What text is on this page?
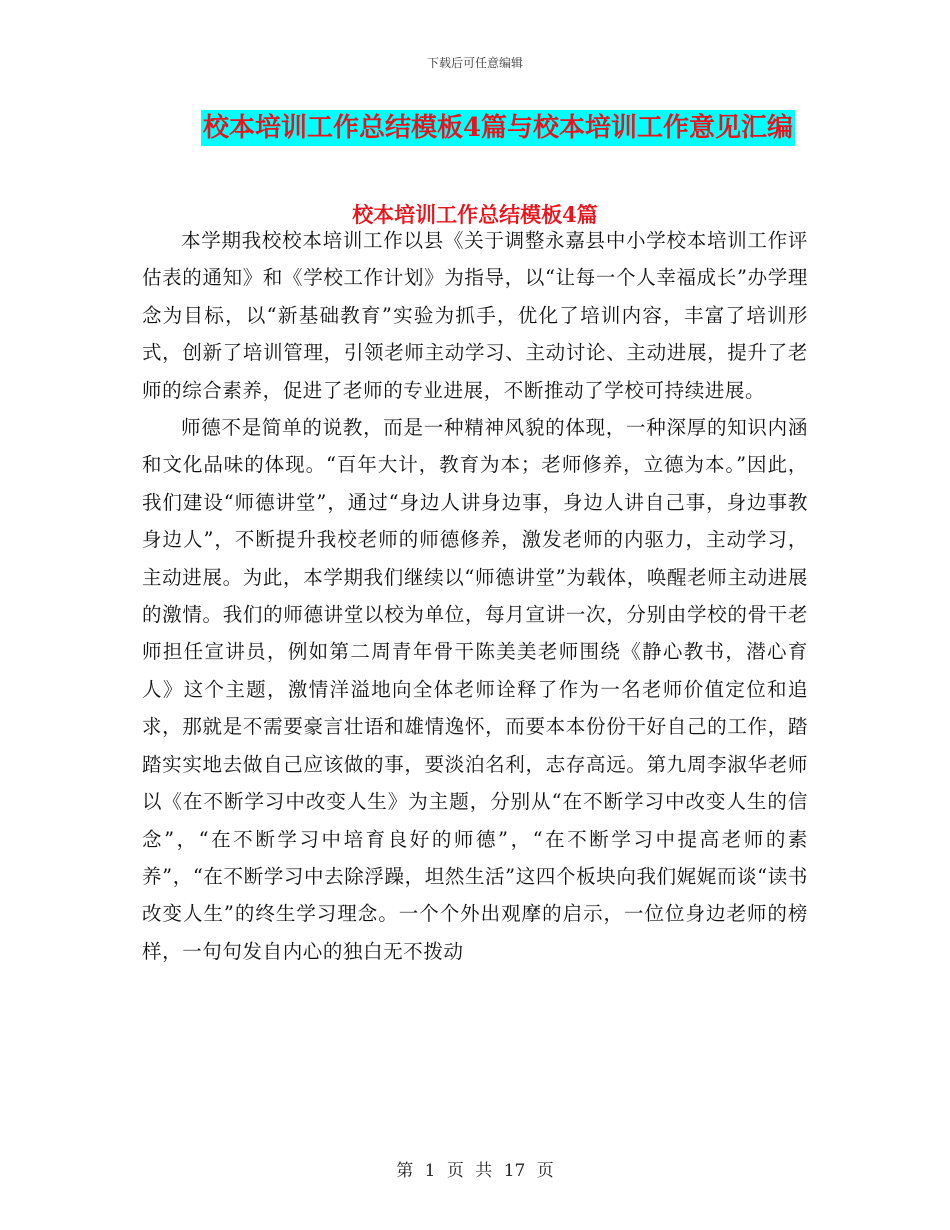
下载后可任意编辑
校本培训工作总结模板4篇与校本培训工作意见汇编
校本培训工作总结模板4篇

本学期我校校本培训工作以县《关于调整永嘉县中小学校本培训工作评估表的通知》和《学校工作计划》为指导，以“让每一个人幸福成长”办学理念为目标，以“新基础教育”实验为抓手，优化了培训内容，丰富了培训形式，创新了培训管理，引领老师主动学习、主动讨论、主动进展，提升了老师的综合素养，促进了老师的专业进展，不断推动了学校可持续进展。

师德不是简单的说教，而是一种精神风貌的体现，一种深厚的知识内涵和文化品味的体现。“百年大计，教育为本；老师修养，立德为本。”因此，我们建设“师德讲堂”，通过“身边人讲身边事，身边人讲自己事，身边事教身边人”，不断提升我校老师的师德修养，激发老师的内驱力，主动学习，主动进展。为此，本学期我们继续以“师德讲堂”为载体，唤醒老师主动进展的激情。我们的师德讲堂以校为单位，每月宣讲一次，分别由学校的骨干老师担任宣讲员，例如第二周青年骨干陈美美老师围绕《静心教书，潜心育人》这个主题，激情洋溢地向全体老师诠释了作为一名老师价值定位和追求，那就是不需要豪言壮语和雄情逸怀，而要本本份份干好自己的工作，踏踏实实地去做自己应该做的事，要淡泊名利，志存高远。第九周李淑华老师以《在不断学习中改变人生》为主题，分别从“在不断学习中改变人生的信念”，“在不断学习中培育良好的师德”，“在不断学习中提高老师的素养”，“在不断学习中去除浮躁，坦然生活”这四个板块向我们娓娓而谈“读书改变人生”的终生学习理念。一个个外出观摩的启示，一位位身边老师的榜样，一句句发自内心的独白无不拨动

第 1 页 共 17 页
